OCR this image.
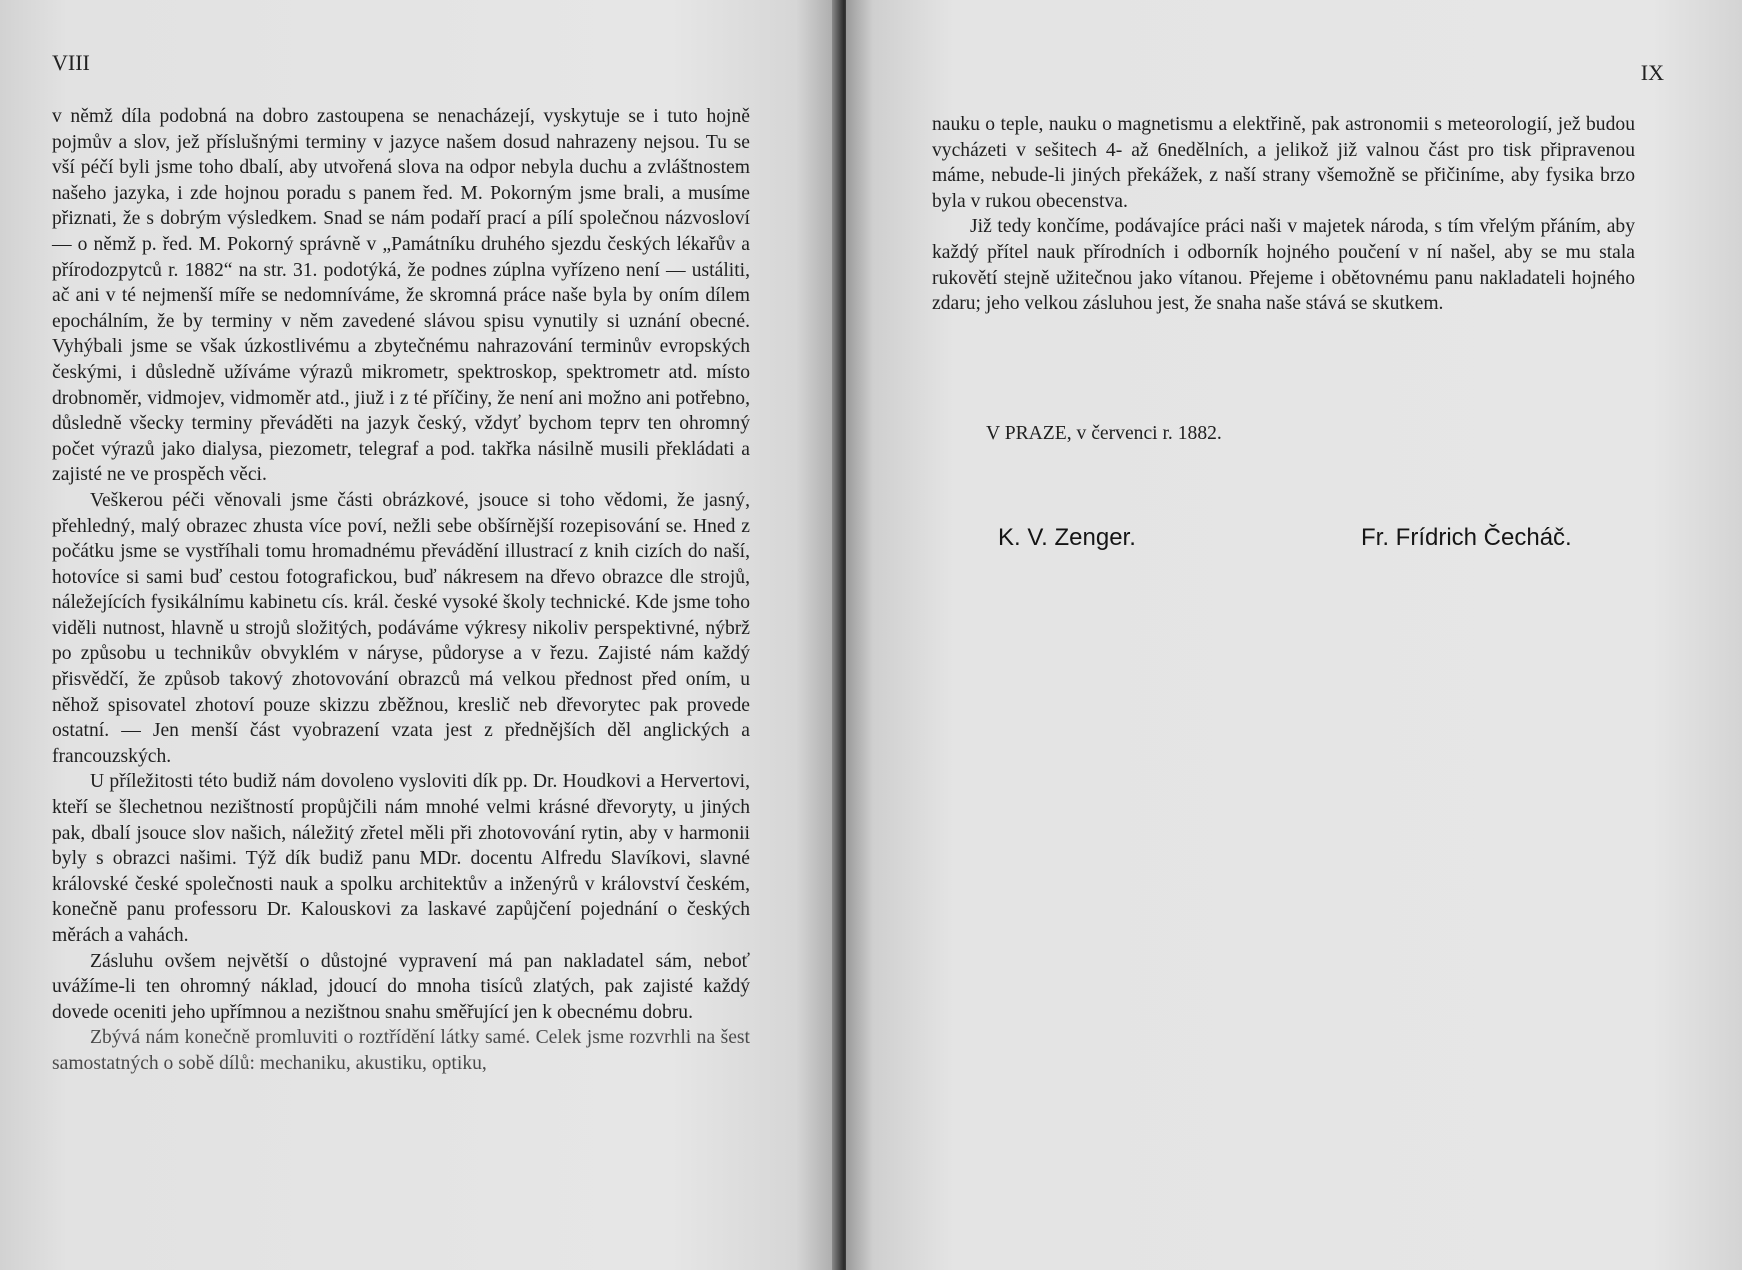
VIII

v němž díla podobná na dobro zastoupena se nenacházejí, vyskytuje se i tuto hojně pojmův a slov, jež příslušnými terminy v jazyce našem dosud nahrazeny nejsou. Tu se vší péčí byli jsme toho dbalí, aby utvořená slova na odpor nebyla duchu a zvláštnostem našeho jazyka, i zde hojnou poradu s panem řed. M. Pokorným jsme brali, a musíme přiznati, že s dobrým výsledkem. Snad se nám podaří prací a pílí společnou názvosloví — o němž p. řed. M. Pokorný správně v „Památníku druhého sjezdu českých lékařův a přírodozpytců r. 1882“ na str. 31. podotýká, že podnes zúplna vyřízeno není — ustáliti, ač ani v té nejmenší míře se nedomníváme, že skromná práce naše byla by oním dílem epochálním, že by terminy v něm zavedené slávou spisu vynutily si uznání obecné. Vyhýbali jsme se však úzkostlivému a zbytečnému nahrazování terminův evropských českými, i důsledně užíváme výrazů mikrometr, spektroskop, spektrometr atd. místo drobnoměr, vidmojev, vidmoměr atd., jiuž i z té příčiny, že není ani možno ani potřebno, důsledně všecky terminy převáděti na jazyk český, vždyť bychom teprv ten ohromný počet výrazů jako dialysa, piezometr, telegraf a pod. takřka násilně musili překládati a zajisté ne ve prospěch věci.

Veškerou péči věnovali jsme části obrázkové, jsouce si toho vědomi, že jasný, přehledný, malý obrazec zhusta více poví, nežli sebe obšírnější rozepisování se. Hned z počátku jsme se vystříhali tomu hromadnému převádění illustrací z knih cizích do naší, hotovíce si sami buď cestou fotografickou, buď nákresem na dřevo obrazce dle strojů, náležejících fysikálnímu kabinetu cís. král. české vysoké školy technické. Kde jsme toho viděli nutnost, hlavně u strojů složitých, podáváme výkresy nikoliv perspektivné, nýbrž po způsobu u technikův obvyklém v náryse, půdoryse a v řezu. Zajisté nám každý přisvědčí, že způsob takový zhotovování obrazců má velkou přednost před oním, u něhož spisovatel zhotoví pouze skizzu zběžnou, kreslič neb dřevorytec pak provede ostatní. — Jen menší část vyobrazení vzata jest z přednějších děl anglických a francouzských.

U příležitosti této budiž nám dovoleno vysloviti dík pp. Dr. Houdkovi a Hervertovi, kteří se šlechetnou nezištností propůjčili nám mnohé velmi krásné dřevoryty, u jiných pak, dbalí jsouce slov našich, náležitý zřetel měli při zhotovování rytin, aby v harmonii byly s obrazci našimi. Týž dík budiž panu MDr. docentu Alfredu Slavíkovi, slavné královské české společnosti nauk a spolku architektův a inženýrů v království českém, konečně panu professoru Dr. Kalouskovi za laskavé zapůjčení pojednání o českých měrách a vahách.

Zásluhu ovšem největší o důstojné vypravení má pan nakladatel sám, neboť uvážíme-li ten ohromný náklad, jdoucí do mnoha tisíců zlatých, pak zajisté každý dovede oceniti jeho upřímnou a nezištnou snahu směřující jen k obecnému dobru.

Zbývá nám konečně promluviti o roztřídění látky samé. Celek jsme rozvrhli na šest samostatných o sobě dílů: mechaniku, akustiku, optiku,

IX

nauku o teple, nauku o magnetismu a elektřině, pak astronomii s meteorologií, jež budou vycházeti v sešitech 4- až 6nedělních, a jelikož již valnou část pro tisk připravenou máme, nebude-li jiných překážek, z naší strany všemožně se přičiníme, aby fysika brzo byla v rukou obecenstva.

Již tedy končíme, podávajíce práci naši v majetek národa, s tím vřelým přáním, aby každý přítel nauk přírodních i odborník hojného poučení v ní našel, aby se mu stala rukovětí stejně užitečnou jako vítanou. Přejeme i obětovnému panu nakladateli hojného zdaru; jeho velkou zásluhou jest, že snaha naše stává se skutkem.

V PRAZE, v červenci r. 1882.
K. V. Zenger.	Fr. Frídrich Čecháč.
